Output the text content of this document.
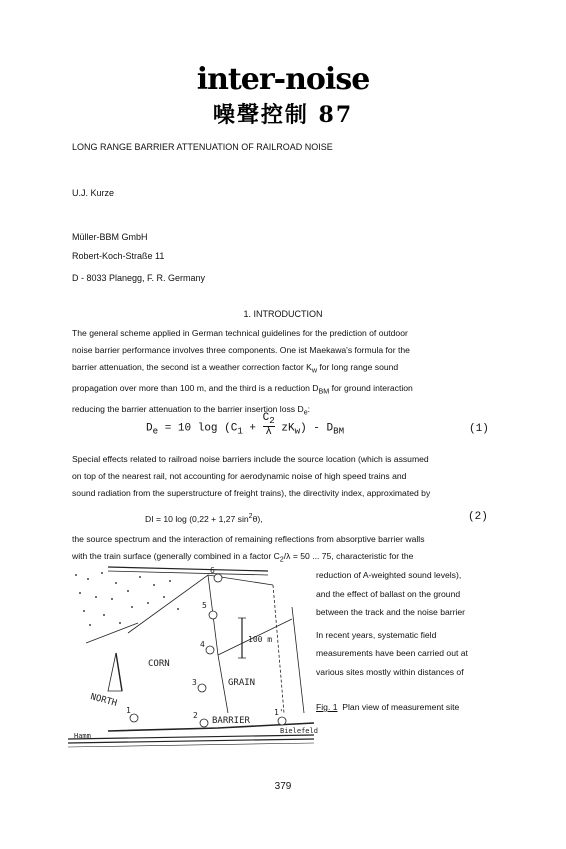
inter-noise
噪聲控制 87
LONG RANGE BARRIER ATTENUATION OF RAILROAD NOISE
U.J. Kurze
Müller-BBM GmbH
Robert-Koch-Straße 11
D - 8033 Planegg, F. R. Germany
1. INTRODUCTION
The general scheme applied in German technical guidelines for the prediction of outdoor
noise barrier performance involves three components. One ist Maekawa's formula for the
barrier attenuation, the second ist a weather correction factor $K_w$ for long range sound
propagation over more than 100 m, and the third is a reduction $D_{BM}$ for ground interaction
reducing the barrier attenuation to the barrier insertion loss $D_e$:
$D_e = 10$ $\log (C_1 + \frac{C_2}{\lambda} zK_w) - D_{BM}$	(1)
Special effects related to railroad noise barriers include the source location (which is assumed
on top of the nearest rail, not accounting for aerodynamic noise of high speed trains and
sound radiation from the superstructure of freight trains), the directivity index, approximated by
DI = 10 log (0,22 + 1,27 $\sin^2\theta$),	(2)
the source spectrum and the interaction of remaining reflections from absorptive barrier walls
with the train surface (generally combined in a factor $C_2/\lambda = 50$ ... 75, characteristic for the
reduction of A-weighted sound levels),
and the effect of ballast on the ground
between the track and the noise barrier
In recent years, systematic field
measurements have been carried out at
various sites mostly within distances of
Fig. 1 Plan view of measurement site
CORN
GRAIN
BARRIER
NORTH
100 m
Hamm
Bielefeld
1
2
3
4
5
6
1'
379
